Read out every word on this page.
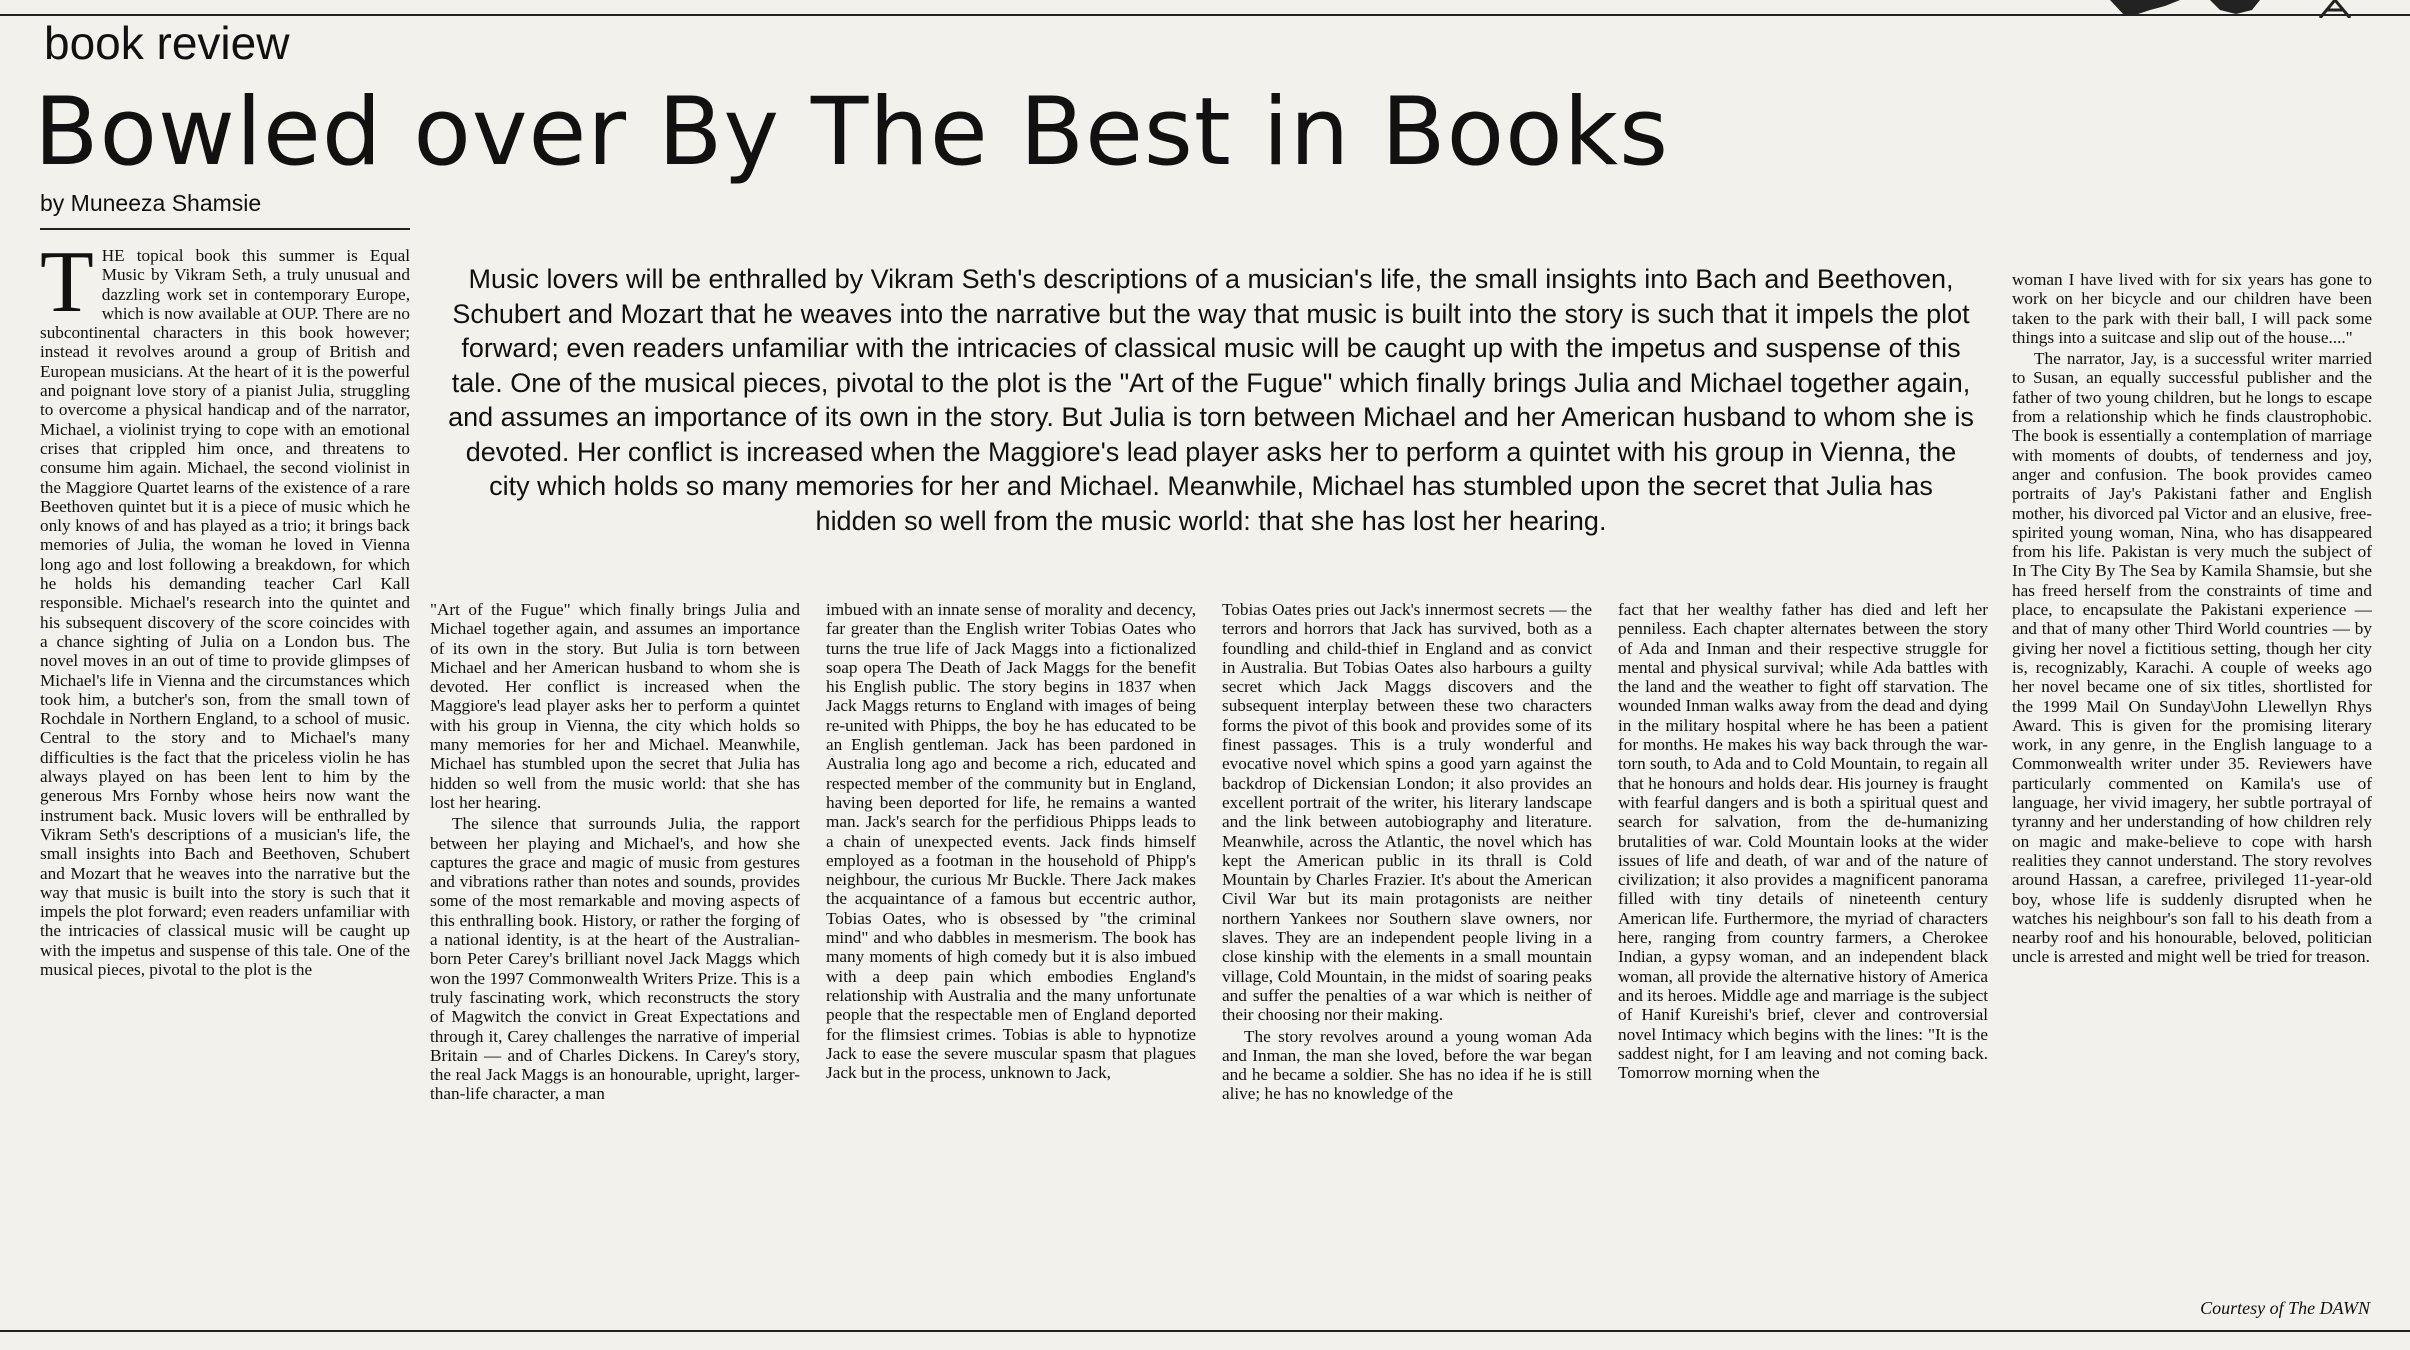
book review
Bowled over By The Best in Books
by Muneeza Shamsie

THE topical book this summer is Equal Music by Vikram Seth, a truly unusual and dazzling work set in contemporary Europe, which is now available at OUP. There are no subcontinental characters in this book however; instead it revolves around a group of British and European musicians. At the heart of it is the powerful and poignant love story of a pianist Julia, struggling to overcome a physical handicap and of the narrator, Michael, a violinist trying to cope with an emotional crises that crippled him once, and threatens to consume him again. Michael, the second violinist in the Maggiore Quartet learns of the existence of a rare Beethoven quintet but it is a piece of music which he only knows of and has played as a trio; it brings back memories of Julia, the woman he loved in Vienna long ago and lost following a breakdown, for which he holds his demanding teacher Carl Kall responsible. Michael's research into the quintet and his subsequent discovery of the score coincides with a chance sighting of Julia on a London bus. The novel moves in an out of time to provide glimpses of Michael's life in Vienna and the circumstances which took him, a butcher's son, from the small town of Rochdale in Northern England, to a school of music. Central to the story and to Michael's many difficulties is the fact that the priceless violin he has always played on has been lent to him by the generous Mrs Fornby whose heirs now want the instrument back. Music lovers will be enthralled by Vikram Seth's descriptions of a musician's life, the small insights into Bach and Beethoven, Schubert and Mozart that he weaves into the narrative but the way that music is built into the story is such that it impels the plot forward; even readers unfamiliar with the intricacies of classical music will be caught up with the impetus and suspense of this tale. One of the musical pieces, pivotal to the plot is the

Music lovers will be enthralled by Vikram Seth's descriptions of a musician's life, the small insights into Bach and Beethoven, Schubert and Mozart that he weaves into the narrative but the way that music is built into the story is such that it impels the plot forward; even readers unfamiliar with the intricacies of classical music will be caught up with the impetus and suspense of this tale. One of the musical pieces, pivotal to the plot is the "Art of the Fugue" which finally brings Julia and Michael together again, and assumes an importance of its own in the story. But Julia is torn between Michael and her American husband to whom she is devoted. Her conflict is increased when the Maggiore's lead player asks her to perform a quintet with his group in Vienna, the city which holds so many memories for her and Michael. Meanwhile, Michael has stumbled upon the secret that Julia has hidden so well from the music world: that she has lost her hearing.

"Art of the Fugue" which finally brings Julia and Michael together again, and assumes an importance of its own in the story. But Julia is torn between Michael and her American husband to whom she is devoted. Her conflict is increased when the Maggiore's lead player asks her to perform a quintet with his group in Vienna, the city which holds so many memories for her and Michael. Meanwhile, Michael has stumbled upon the secret that Julia has hidden so well from the music world: that she has lost her hearing.

The silence that surrounds Julia, the rapport between her playing and Michael's, and how she captures the grace and magic of music from gestures and vibrations rather than notes and sounds, provides some of the most remarkable and moving aspects of this enthralling book. History, or rather the forging of a national identity, is at the heart of the Australian-born Peter Carey's brilliant novel Jack Maggs which won the 1997 Commonwealth Writers Prize. This is a truly fascinating work, which reconstructs the story of Magwitch the convict in Great Expectations and through it, Carey challenges the narrative of imperial Britain — and of Charles Dickens. In Carey's story, the real Jack Maggs is an honourable, upright, larger-than-life character, a man

imbued with an innate sense of morality and decency, far greater than the English writer Tobias Oates who turns the true life of Jack Maggs into a fictionalized soap opera The Death of Jack Maggs for the benefit his English public. The story begins in 1837 when Jack Maggs returns to England with images of being re-united with Phipps, the boy he has educated to be an English gentleman. Jack has been pardoned in Australia long ago and become a rich, educated and respected member of the community but in England, having been deported for life, he remains a wanted man. Jack's search for the perfidious Phipps leads to a chain of unexpected events. Jack finds himself employed as a footman in the household of Phipp's neighbour, the curious Mr Buckle. There Jack makes the acquaintance of a famous but eccentric author, Tobias Oates, who is obsessed by "the criminal mind" and who dabbles in mesmerism. The book has many moments of high comedy but it is also imbued with a deep pain which embodies England's relationship with Australia and the many unfortunate people that the respectable men of England deported for the flimsiest crimes. Tobias is able to hypnotize Jack to ease the severe muscular spasm that plagues Jack but in the process, unknown to Jack,

Tobias Oates pries out Jack's innermost secrets — the terrors and horrors that Jack has survived, both as a foundling and child-thief in England and as convict in Australia. But Tobias Oates also harbours a guilty secret which Jack Maggs discovers and the subsequent interplay between these two characters forms the pivot of this book and provides some of its finest passages. This is a truly wonderful and evocative novel which spins a good yarn against the backdrop of Dickensian London; it also provides an excellent portrait of the writer, his literary landscape and the link between autobiography and literature. Meanwhile, across the Atlantic, the novel which has kept the American public in its thrall is Cold Mountain by Charles Frazier. It's about the American Civil War but its main protagonists are neither northern Yankees nor Southern slave owners, nor slaves. They are an independent people living in a close kinship with the elements in a small mountain village, Cold Mountain, in the midst of soaring peaks and suffer the penalties of a war which is neither of their choosing nor their making.

The story revolves around a young woman Ada and Inman, the man she loved, before the war began and he became a soldier. She has no idea if he is still alive; he has no knowledge of the

fact that her wealthy father has died and left her penniless. Each chapter alternates between the story of Ada and Inman and their respective struggle for mental and physical survival; while Ada battles with the land and the weather to fight off starvation. The wounded Inman walks away from the dead and dying in the military hospital where he has been a patient for months. He makes his way back through the war-torn south, to Ada and to Cold Mountain, to regain all that he honours and holds dear. His journey is fraught with fearful dangers and is both a spiritual quest and search for salvation, from the de-humanizing brutalities of war. Cold Mountain looks at the wider issues of life and death, of war and of the nature of civilization; it also provides a magnificent panorama filled with tiny details of nineteenth century American life. Furthermore, the myriad of characters here, ranging from country farmers, a Cherokee Indian, a gypsy woman, and an independent black woman, all provide the alternative history of America and its heroes. Middle age and marriage is the subject of Hanif Kureishi's brief, clever and controversial novel Intimacy which begins with the lines: "It is the saddest night, for I am leaving and not coming back. Tomorrow morning when the

woman I have lived with for six years has gone to work on her bicycle and our children have been taken to the park with their ball, I will pack some things into a suitcase and slip out of the house...."

The narrator, Jay, is a successful writer married to Susan, an equally successful publisher and the father of two young children, but he longs to escape from a relationship which he finds claustrophobic. The book is essentially a contemplation of marriage with moments of doubts, of tenderness and joy, anger and confusion. The book provides cameo portraits of Jay's Pakistani father and English mother, his divorced pal Victor and an elusive, free-spirited young woman, Nina, who has disappeared from his life. Pakistan is very much the subject of In The City By The Sea by Kamila Shamsie, but she has freed herself from the constraints of time and place, to encapsulate the Pakistani experience — and that of many other Third World countries — by giving her novel a fictitious setting, though her city is, recognizably, Karachi. A couple of weeks ago her novel became one of six titles, shortlisted for the 1999 Mail On Sunday\John Llewellyn Rhys Award. This is given for the promising literary work, in any genre, in the English language to a Commonwealth writer under 35. Reviewers have particularly commented on Kamila's use of language, her vivid imagery, her subtle portrayal of tyranny and her understanding of how children rely on magic and make-believe to cope with harsh realities they cannot understand. The story revolves around Hassan, a carefree, privileged 11-year-old boy, whose life is suddenly disrupted when he watches his neighbour's son fall to his death from a nearby roof and his honourable, beloved, politician uncle is arrested and might well be tried for treason.

Courtesy of The DAWN
